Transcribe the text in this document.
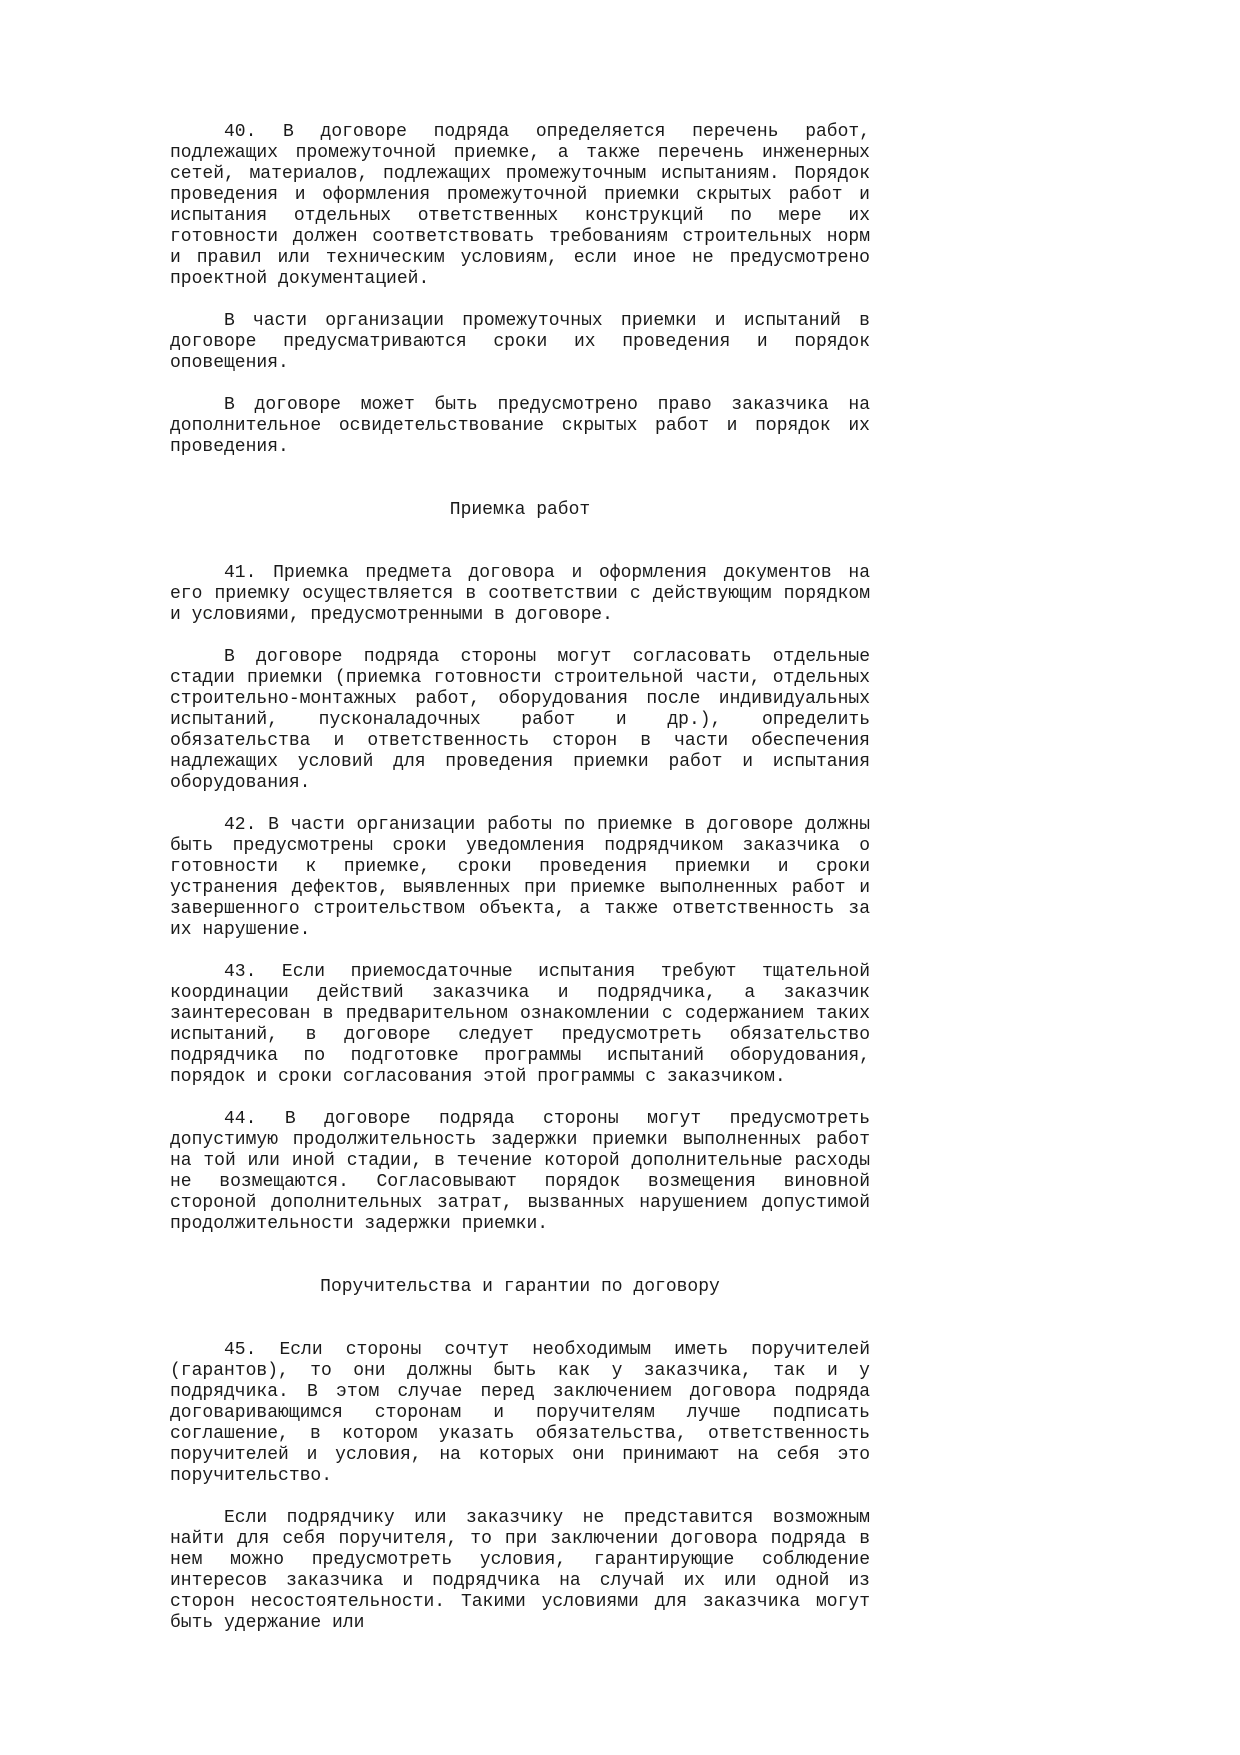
40. В договоре подряда определяется перечень работ, подлежащих промежуточной приемке, а также перечень инженерных сетей, материалов, подлежащих промежуточным испытаниям. Порядок проведения и оформления промежуточной приемки скрытых работ и испытания отдельных ответственных конструкций по мере их готовности должен соответствовать требованиям строительных норм и правил или техническим условиям, если иное не предусмотрено проектной документацией.

В части организации промежуточных приемки и испытаний в договоре предусматриваются сроки их проведения и порядок оповещения.

В договоре может быть предусмотрено право заказчика на дополнительное освидетельствование скрытых работ и порядок их проведения.

Приемка работ

41. Приемка предмета договора и оформления документов на его приемку осуществляется в соответствии с действующим порядком и условиями, предусмотренными в договоре.

В договоре подряда стороны могут согласовать отдельные стадии приемки (приемка готовности строительной части, отдельных строительно-монтажных работ, оборудования после индивидуальных испытаний, пусконаладочных работ и др.), определить обязательства и ответственность сторон в части обеспечения надлежащих условий для проведения приемки работ и испытания оборудования.

42. В части организации работы по приемке в договоре должны быть предусмотрены сроки уведомления подрядчиком заказчика о готовности к приемке, сроки проведения приемки и сроки устранения дефектов, выявленных при приемке выполненных работ и завершенного строительством объекта, а также ответственность за их нарушение.

43. Если приемосдаточные испытания требуют тщательной координации действий заказчика и подрядчика, а заказчик заинтересован в предварительном ознакомлении с содержанием таких испытаний, в договоре следует предусмотреть обязательство подрядчика по подготовке программы испытаний оборудования, порядок и сроки согласования этой программы с заказчиком.

44. В договоре подряда стороны могут предусмотреть допустимую продолжительность задержки приемки выполненных работ на той или иной стадии, в течение которой дополнительные расходы не возмещаются. Согласовывают порядок возмещения виновной стороной дополнительных затрат, вызванных нарушением допустимой продолжительности задержки приемки.

Поручительства и гарантии по договору

45. Если стороны сочтут необходимым иметь поручителей (гарантов), то они должны быть как у заказчика, так и у подрядчика. В этом случае перед заключением договора подряда договаривающимся сторонам и поручителям лучше подписать соглашение, в котором указать обязательства, ответственность поручителей и условия, на которых они принимают на себя это поручительство.

Если подрядчику или заказчику не представится возможным найти для себя поручителя, то при заключении договора подряда в нем можно предусмотреть условия, гарантирующие соблюдение интересов заказчика и подрядчика на случай их или одной из сторон несостоятельности. Такими условиями для заказчика могут быть удержание или
